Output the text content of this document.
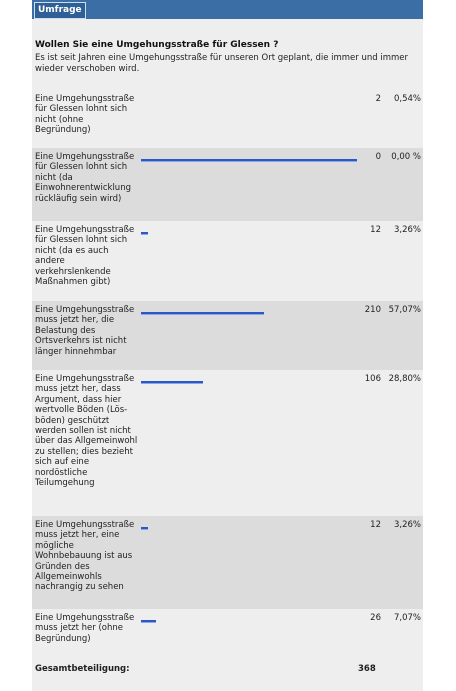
Umfrage
Wollen Sie eine Umgehungsstraße für Glessen ?
Es ist seit Jahren eine Umgehungsstraße für unseren Ort geplant, die immer und immer wieder verschoben wird.
Eine Umgehungsstraße für Glessen lohnt sich nicht (ohne Begründung)
2	0,54%
Eine Umgehungsstraße für Glessen lohnt sich nicht (da Einwohnerentwicklung rückläufig sein wird)
0	0,00 %
Eine Umgehungsstraße für Glessen lohnt sich nicht (da es auch andere verkehrslenkende Maßnahmen gibt)
12	3,26%
Eine Umgehungsstraße muss jetzt her, die Belastung des Ortsverkehrs ist nicht länger hinnehmbar
210 57,07%
Eine Umgehungsstraße muss jetzt her, dass Argument, dass hier wertvolle Böden (Lös-böden) geschützt werden sollen ist nicht über das Allgemeinwohl zu stellen; dies bezieht sich auf eine nordöstliche Teilumgehung
106 28,80%
Eine Umgehungsstraße muss jetzt her, eine mögliche Wohnbebauung ist aus Gründen des Allgemeinwohls nachrangig zu sehen
12	3,26%
Eine Umgehungsstraße muss jetzt her (ohne Begründung)
26	7,07%
Gesamtbeteiligung:	368
